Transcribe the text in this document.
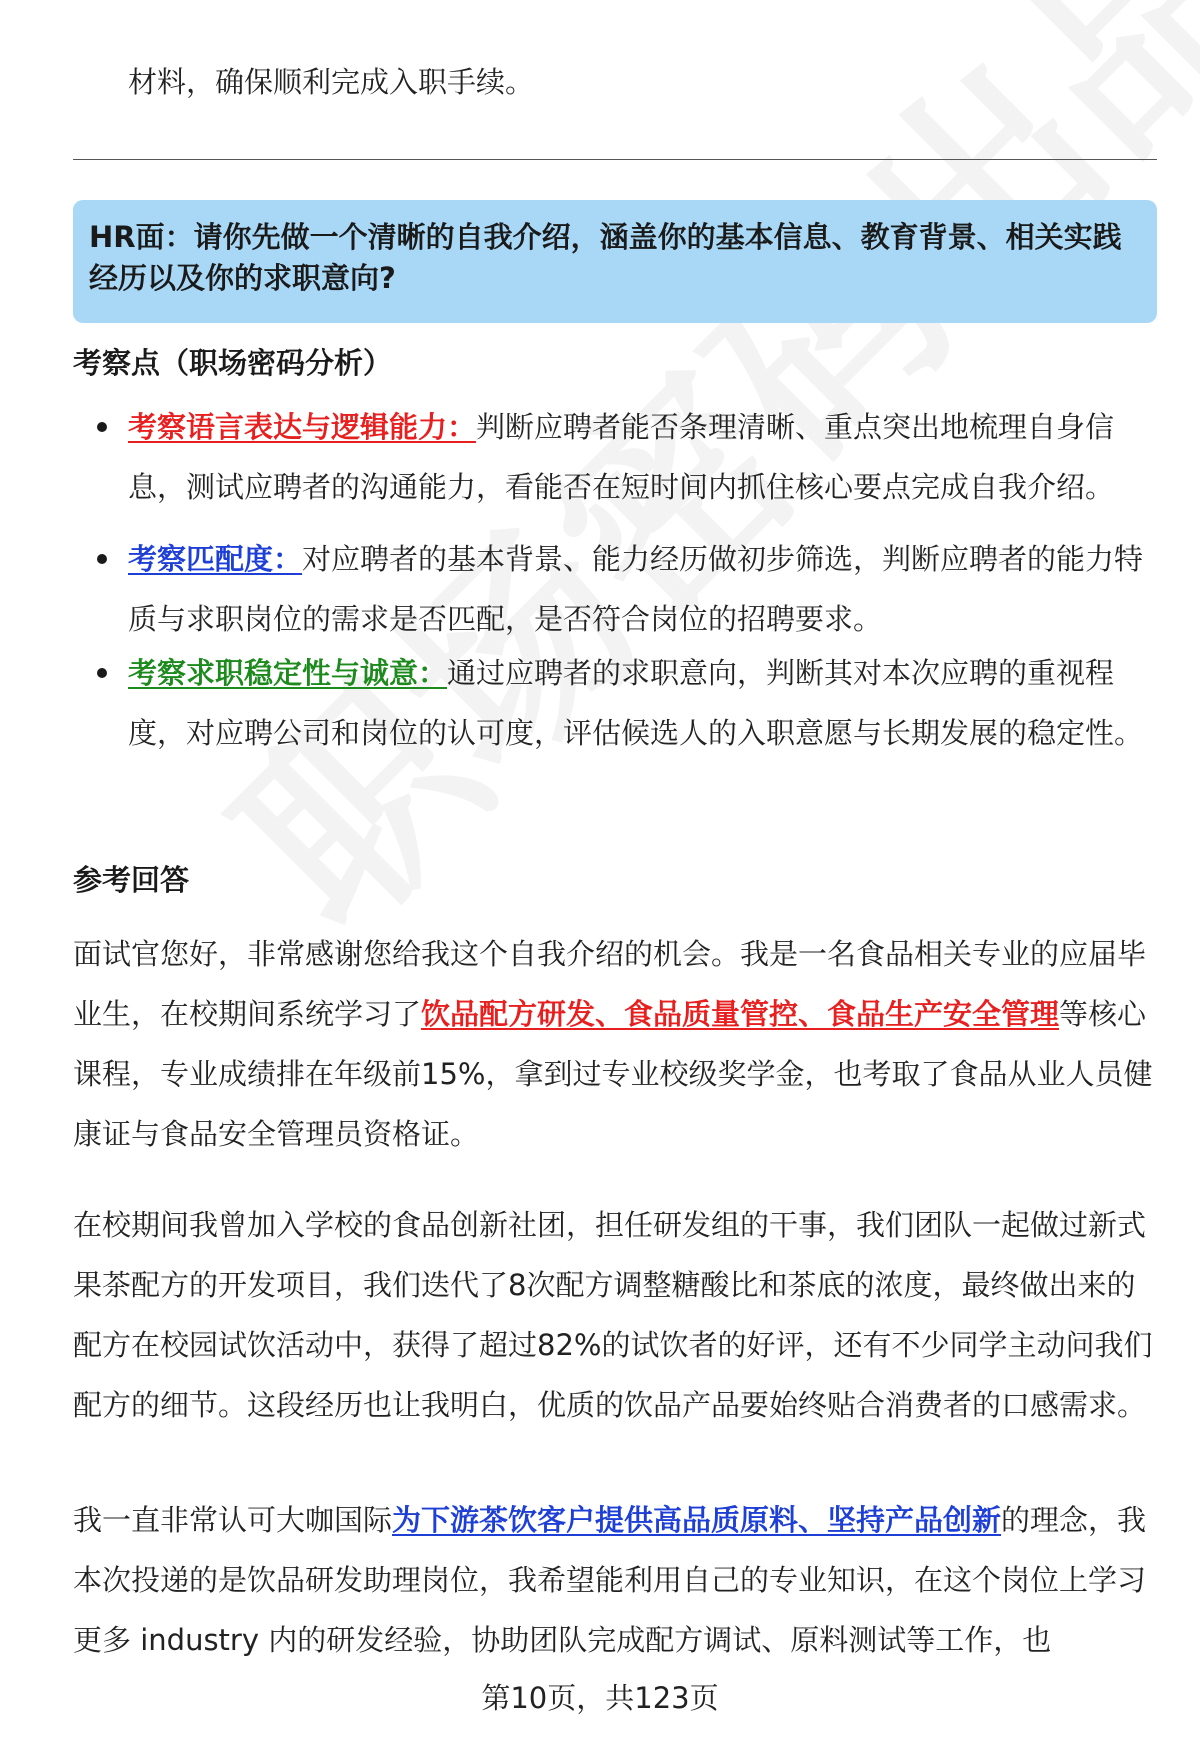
材料，确保顺利完成入职手续。
HR面：请你先做一个清晰的自我介绍，涵盖你的基本信息、教育背景、相关实践经历以及你的求职意向?
考察点（职场密码分析）
考察语言表达与逻辑能力：判断应聘者能否条理清晰、重点突出地梳理自身信息，测试应聘者的沟通能力，看能否在短时间内抓住核心要点完成自我介绍。
考察匹配度：对应聘者的基本背景、能力经历做初步筛选，判断应聘者的能力特质与求职岗位的需求是否匹配，是否符合岗位的招聘要求。
考察求职稳定性与诚意：通过应聘者的求职意向，判断其对本次应聘的重视程度，对应聘公司和岗位的认可度，评估候选人的入职意愿与长期发展的稳定性。
参考回答
面试官您好，非常感谢您给我这个自我介绍的机会。我是一名食品相关专业的应届毕业生，在校期间系统学习了饮品配方研发、食品质量管控、食品生产安全管理等核心课程，专业成绩排在年级前15%，拿到过专业校级奖学金，也考取了食品从业人员健康证与食品安全管理员资格证。
在校期间我曾加入学校的食品创新社团，担任研发组的干事，我们团队一起做过新式果茶配方的开发项目，我们迭代了8次配方调整糖酸比和茶底的浓度，最终做出来的配方在校园试饮活动中，获得了超过82%的试饮者的好评，还有不少同学主动问我们配方的细节。这段经历也让我明白，优质的饮品产品要始终贴合消费者的口感需求。
我一直非常认可大咖国际为下游茶饮客户提供高品质原料、坚持产品创新的理念，我本次投递的是饮品研发助理岗位，我希望能利用自己的专业知识，在这个岗位上学习更多 industry 内的研发经验，协助团队完成配方调试、原料测试等工作，也
第10页，共123页
